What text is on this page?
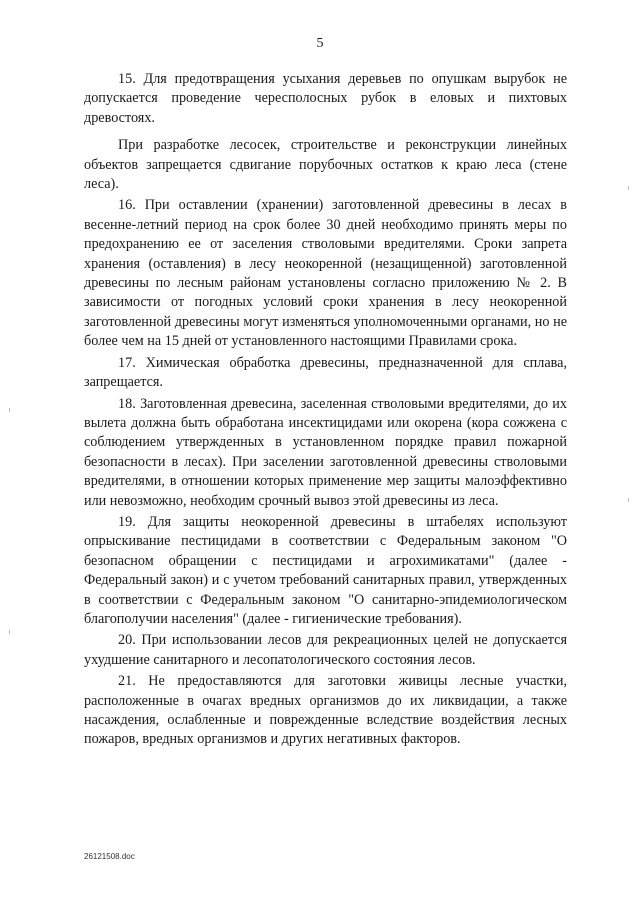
5

15. Для предотвращения усыхания деревьев по опушкам вырубок не допускается проведение чересполосных рубок в еловых и пихтовых древостоях.

При разработке лесосек, строительстве и реконструкции линейных объектов запрещается сдвигание порубочных остатков к краю леса (стене леса).

16. При оставлении (хранении) заготовленной древесины в лесах в весенне-летний период на срок более 30 дней необходимо принять меры по предохранению ее от заселения стволовыми вредителями. Сроки запрета хранения (оставления) в лесу неокоренной (незащищенной) заготовленной древесины по лесным районам установлены согласно приложению № 2. В зависимости от погодных условий сроки хранения в лесу неокоренной заготовленной древесины могут изменяться уполномоченными органами, но не более чем на 15 дней от установленного настоящими Правилами срока.

17. Химическая обработка древесины, предназначенной для сплава, запрещается.

18. Заготовленная древесина, заселенная стволовыми вредителями, до их вылета должна быть обработана инсектицидами или окорена (кора сожжена с соблюдением утвержденных в установленном порядке правил пожарной безопасности в лесах). При заселении заготовленной древесины стволовыми вредителями, в отношении которых применение мер защиты малоэффективно или невозможно, необходим срочный вывоз этой древесины из леса.

19. Для защиты неокоренной древесины в штабелях используют опрыскивание пестицидами в соответствии с Федеральным законом "О безопасном обращении с пестицидами и агрохимикатами" (далее - Федеральный закон) и с учетом требований санитарных правил, утвержденных в соответствии с Федеральным законом "О санитарно-эпидемиологическом благополучии населения" (далее - гигиенические требования).

20. При использовании лесов для рекреационных целей не допускается ухудшение санитарного и лесопатологического состояния лесов.

21. Не предоставляются для заготовки живицы лесные участки, расположенные в очагах вредных организмов до их ликвидации, а также насаждения, ослабленные и поврежденные вследствие воздействия лесных пожаров, вредных организмов и других негативных факторов.

26121508.doc
